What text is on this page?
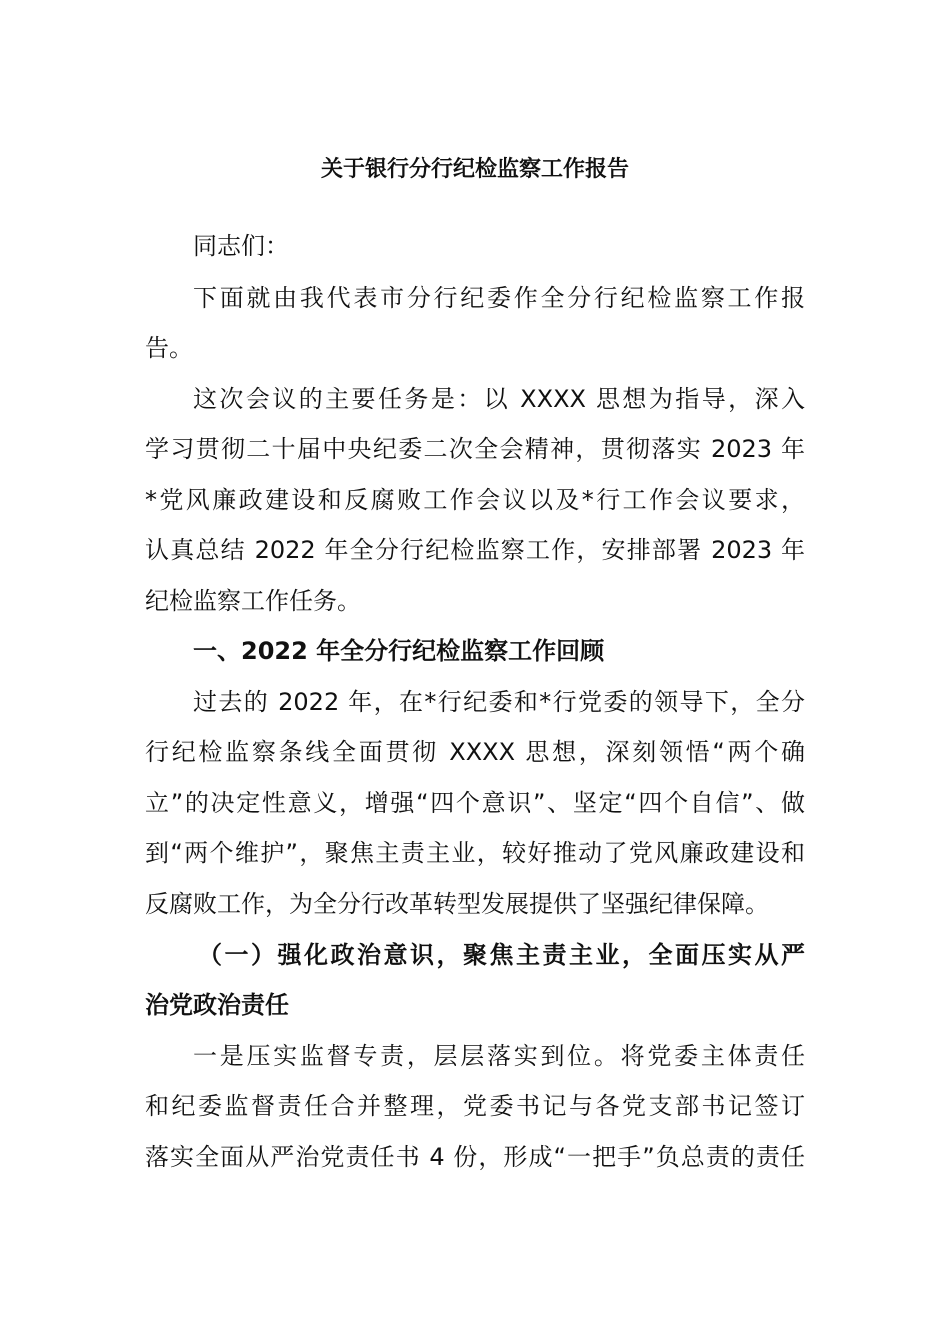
关于银行分行纪检监察工作报告
同志们：
下面就由我代表市分行纪委作全分行纪检监察工作报
告。
这次会议的主要任务是：以 XXXX 思想为指导，深入
学习贯彻二十届中央纪委二次全会精神，贯彻落实 2023 年
*党风廉政建设和反腐败工作会议以及*行工作会议要求，
认真总结 2022 年全分行纪检监察工作，安排部署 2023 年
纪检监察工作任务。
一、2022 年全分行纪检监察工作回顾
过去的 2022 年，在*行纪委和*行党委的领导下，全分
行纪检监察条线全面贯彻 XXXX 思想，深刻领悟“两个确
立”的决定性意义，增强“四个意识”、坚定“四个自信”、做
到“两个维护”，聚焦主责主业，较好推动了党风廉政建设和
反腐败工作，为全分行改革转型发展提供了坚强纪律保障。
（一）强化政治意识，聚焦主责主业，全面压实从严
治党政治责任
一是压实监督专责，层层落实到位。将党委主体责任
和纪委监督责任合并整理，党委书记与各党支部书记签订
落实全面从严治党责任书 4 份，形成“一把手”负总责的责任
